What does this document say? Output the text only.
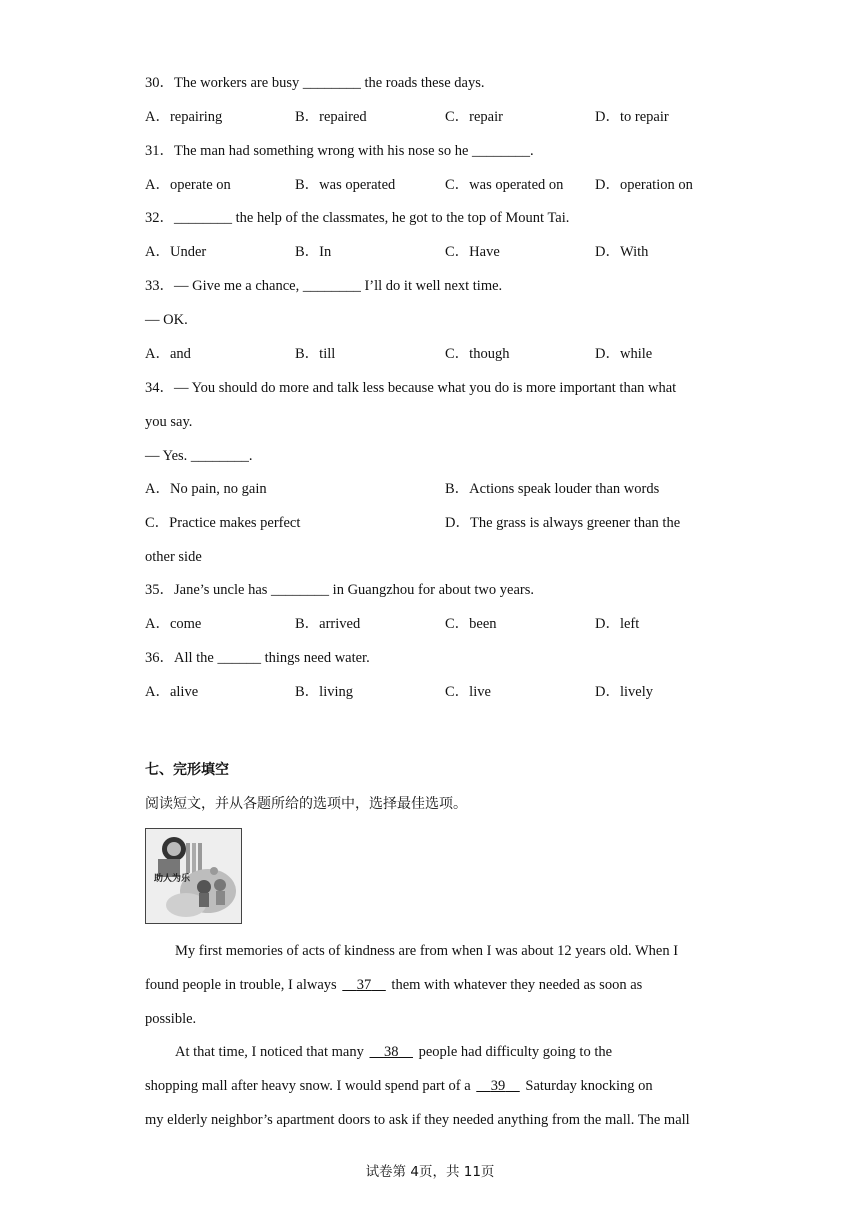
30．The workers are busy ________ the roads these days.
A．repairing	B．repaired	C．repair	D．to repair
31．The man had something wrong with his nose so he ________.
A．operate on	B．was operated	C．was operated on D．operation on
32．________ the help of the classmates, he got to the top of Mount Tai.
A．Under	B．In	C．Have	D．With
33．— Give me a chance, ________ I’ll do it well next time.
— OK.
A．and	B．till	C．though	D．while
34．— You should do more and talk less because what you do is more important than what
you say.
— Yes. ________.
A．No pain, no gain	B．Actions speak louder than words
C．Practice makes perfect	D．The grass is always greener than the
other side
35．Jane’s uncle has ________ in Guangzhou for about two years.
A．come	B．arrived	C．been	D．left
36．All the ______ things need water.
A．alive	B．living	C．live	D．lively
七、完形填空
阅读短文，并从各题所给的选项中，选择最佳选项。
助人为乐
My first memories of acts of kindness are from when I was about 12 years old. When I
found people in trouble, I always     37     them with whatever they needed as soon as
possible.
At that time, I noticed that many     38     people had difficulty going to the
shopping mall after heavy snow. I would spend part of a     39     Saturday knocking on
my elderly neighbor’s apartment doors to ask if they needed anything from the mall. The mall
试卷第 4页，共 11页
